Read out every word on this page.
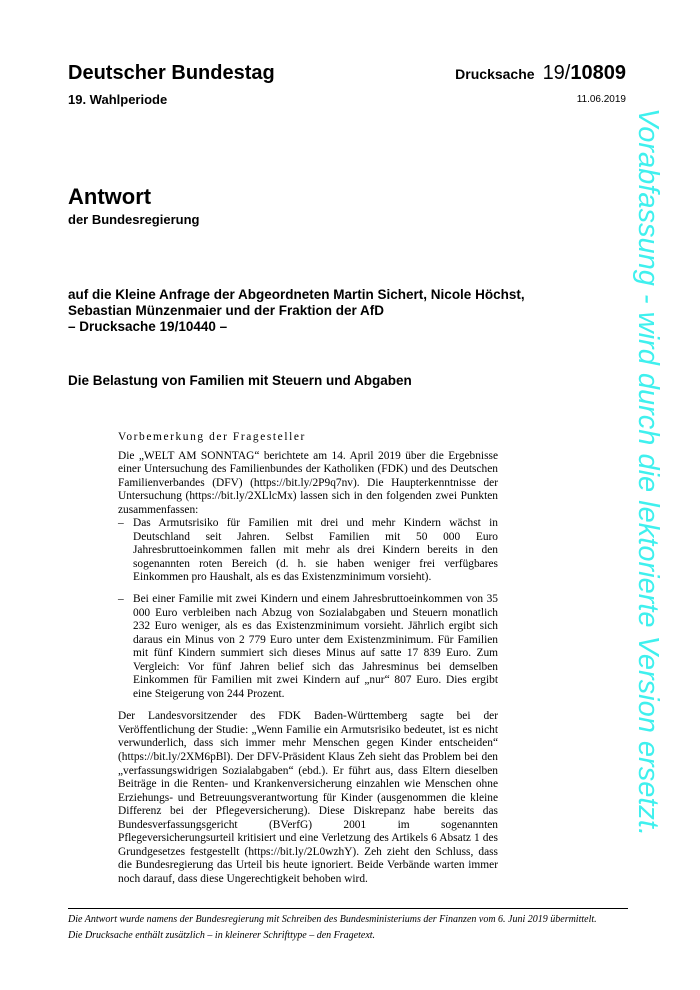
Deutscher Bundestag
19. Wahlperiode
Drucksache 19/10809
11.06.2019
Antwort
der Bundesregierung
auf die Kleine Anfrage der Abgeordneten Martin Sichert, Nicole Höchst,
Sebastian Münzenmaier und der Fraktion der AfD
– Drucksache 19/10440 –
Die Belastung von Familien mit Steuern und Abgaben

Vorbemerkung der Fragesteller

Die „WELT AM SONNTAG“ berichtete am 14. April 2019 über die Ergebnisse einer Untersuchung des Familienbundes der Katholiken (FDK) und des Deutschen Familienverbandes (DFV) (https://bit.ly/2P9q7nv). Die Haupterkenntnisse der Untersuchung (https://bit.ly/2XLlcMx) lassen sich in den folgenden zwei Punkten zusammenfassen:

– Das Armutsrisiko für Familien mit drei und mehr Kindern wächst in Deutschland seit Jahren. Selbst Familien mit 50 000 Euro Jahresbruttoeinkommen fallen mit mehr als drei Kindern bereits in den sogenannten roten Bereich (d. h. sie haben weniger frei verfügbares Einkommen pro Haushalt, als es das Existenzminimum vorsieht).
– Bei einer Familie mit zwei Kindern und einem Jahresbruttoeinkommen von 35 000 Euro verbleiben nach Abzug von Sozialabgaben und Steuern monatlich 232 Euro weniger, als es das Existenzminimum vorsieht. Jährlich ergibt sich daraus ein Minus von 2 779 Euro unter dem Existenzminimum. Für Familien mit fünf Kindern summiert sich dieses Minus auf satte 17 839 Euro. Zum Vergleich: Vor fünf Jahren belief sich das Jahresminus bei demselben Einkommen für Familien mit zwei Kindern auf „nur“ 807 Euro. Dies ergibt eine Steigerung von 244 Prozent.

Der Landesvorsitzender des FDK Baden-Württemberg sagte bei der Veröffentlichung der Studie: „Wenn Familie ein Armutsrisiko bedeutet, ist es nicht verwunderlich, dass sich immer mehr Menschen gegen Kinder entscheiden“ (https://bit.ly/2XM6pBl). Der DFV-Präsident Klaus Zeh sieht das Problem bei den „verfassungswidrigen Sozialabgaben“ (ebd.). Er führt aus, dass Eltern dieselben Beiträge in die Renten- und Krankenversicherung einzahlen wie Menschen ohne Erziehungs- und Betreuungsverantwortung für Kinder (ausgenommen die kleine Differenz bei der Pflegeversicherung). Diese Diskrepanz habe bereits das Bundesverfassungsgericht (BVerfG) 2001 im sogenannten Pflegeversicherungsurteil kritisiert und eine Verletzung des Artikels 6 Absatz 1 des Grundgesetzes festgestellt (https://bit.ly/2L0wzhY). Zeh zieht den Schluss, dass die Bundesregierung das Urteil bis heute ignoriert. Beide Verbände warten immer noch darauf, dass diese Ungerechtigkeit behoben wird.

Die Antwort wurde namens der Bundesregierung mit Schreiben des Bundesministeriums der Finanzen vom 6. Juni 2019 übermittelt.

Die Drucksache enthält zusätzlich – in kleinerer Schrifttype – den Fragetext.

Vorabfassung - wird durch die lektorierte Version ersetzt.
